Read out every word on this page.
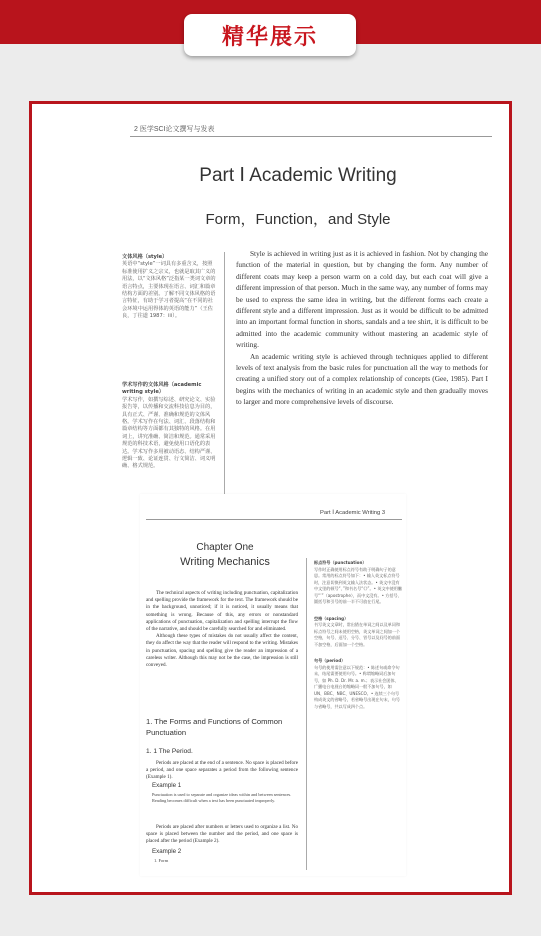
精华展示
2 医学SCI论文撰写与发表
Part Ⅰ Academic Writing
Form，Function，and Style
文体风格（style）
英语中“style”一词具有多重含义，按照标准使用扩义之宗义，也就是取其广义的用法，以“文体风格”泛指某一类词文章的语言特点，主要体现在语言、词汇和篇章结构方面的差别。了解不同文体风格的语言特征，有助于学习者提高“在不同的社会环境中运用得体的英语的能力”（王佐良，丁往道 1987：iii）。
学术写作的文体风格（academic writing style）
学术写作，如撰写综述、研究论文、实验报告等，以传播和交流科技信息为目的，具有正式、严谨、准确和规范的文体风格。学术写作在句法、词汇、段落结构和篇章结构等方面都有其独特的风格。在用词上，讲究准确、简洁和规范。通常采用规范的科技术语，避免使用口语化的表达。学术写作多用被动语态、结构严谨、逻辑一致、论证连贯、行文简洁、词义明确、格式规范。

Style is achieved in writing just as it is achieved in fashion. Not by changing the function of the material in question, but by changing the form. Any number of different coats may keep a person warm on a cold day, but each coat will give a different impression of that person. Much in the same way, any number of forms may be used to express the same idea in writing, but the different forms each create a different style and a different impression. Just as it would be difficult to be admitted into an important formal function in shorts, sandals and a tee shirt, it is difficult to be admitted into the academic community without mastering an academic style of writing.

An academic writing style is achieved through techniques applied to different levels of text analysis from the basic rules for punctuation all the way to methods for creating a unified story out of a complex relationship of concepts (Gee, 1985). Part I begins with the mechanics of writing in an academic style and then gradually moves to larger and more comprehensive levels of discourse.

Part Ⅰ Academic Writing 3
Chapter One
Writing Mechanics

The technical aspects of writing including punctuation, capitalization and spelling provide the framework for the text. The framework should be in the background, unnoticed; if it is noticed, it usually means that something is wrong. Because of this, any errors or nonstandard applications of punctuation, capitalization and spelling interrupt the flow of the narrative, and should be carefully searched for and eliminated.

Although these types of mistakes do not usually affect the content, they do affect the way that the reader will respond to the writing. Mistakes in punctuation, spacing and spelling give the reader an impression of a careless writer. Although this may not be the case, the impression is still conveyed.

1. The Forms and Functions of Common Punctuation
1. 1 The Period.

Periods are placed at the end of a sentence. No space is placed before a period, and one space separates a period from the following sentence (Example 1).

Example 1
Punctuation is used to separate and organize ideas within and between sentences. Reading becomes difficult when a text has been punctuated improperly.

Periods are placed after numbers or letters used to organize a list. No space is placed between the number and the period, and one space is placed after the period (Example 2).

Example 2
1. Form
标点符号（punctuation）
写作时正确使用标点符号有助于明确句子的意思。常用的标点符号如下：• 输入英文标点符号时，注意切换到英文输入法状态。• 英文中没有中文里的顿号“、”和书名号“《》”。• 英文中使用撇号“’”（apostrophe），而中文没有。• 方括号、圆括号和引号的前一半不可放在行尾。
空格（spacing）
书写英文文章时，常出错在单词之间以及单词和标点符号之间未使用空格，英文单词之间加一个空格，句号、逗号、分号、冒号以及问号的前面不加空格，后面加一个空格。
句号（period）
句号的使用需注意以下规范：• 陈述句或命令句末，结尾需要使用句号。• 称谓缩略词后加句号，如 Ph. D. Dr. Mr. a. m.；表示社会团体、广播电台电视台的缩略词一般不加句号，如 UN、BBC、NBC、UNESCO。• 连续三个句号构成英文的省略号，若省略号出现在句末，句号与省略号，共以写成四个点。
